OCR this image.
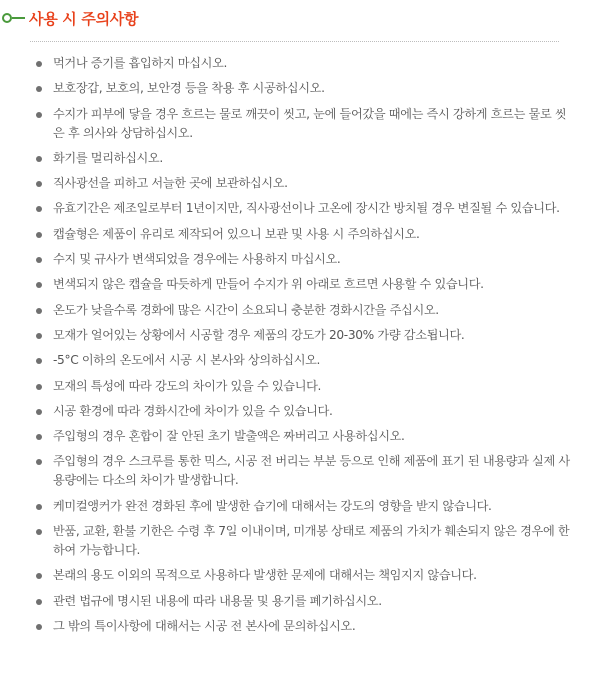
사용 시 주의사항
먹거나 증기를 흡입하지 마십시오.
보호장갑, 보호의, 보안경 등을 착용 후 시공하십시오.
수지가 피부에 닿을 경우 흐르는 물로 깨끗이 씻고, 눈에 들어갔을 때에는 즉시 강하게 흐르는 물로 씻은 후 의사와 상담하십시오.
화기를 멀리하십시오.
직사광선을 피하고 서늘한 곳에 보관하십시오.
유효기간은 제조일로부터 1년이지만, 직사광선이나 고온에 장시간 방치될 경우 변질될 수 있습니다.
캡슐형은 제품이 유리로 제작되어 있으니 보관 및 사용 시 주의하십시오.
수지 및 규사가 변색되었을 경우에는 사용하지 마십시오.
변색되지 않은 캡슐을 따듯하게 만들어 수지가 위 아래로 흐르면 사용할 수 있습니다.
온도가 낮을수록 경화에 많은 시간이 소요되니 충분한 경화시간을 주십시오.
모재가 얼어있는 상황에서 시공할 경우 제품의 강도가 20-30% 가량 감소됩니다.
-5°C 이하의 온도에서 시공 시 본사와 상의하십시오.
모재의 특성에 따라 강도의 차이가 있을 수 있습니다.
시공 환경에 따라 경화시간에 차이가 있을 수 있습니다.
주입형의 경우 혼합이 잘 안된 초기 발출액은 짜버리고 사용하십시오.
주입형의 경우 스크루를 통한 믹스, 시공 전 버리는 부분 등으로 인해 제품에 표기 된 내용량과 실제 사용량에는 다소의 차이가 발생합니다.
케미컬앵커가 완전 경화된 후에 발생한 습기에 대해서는 강도의 영향을 받지 않습니다.
반품, 교환, 환불 기한은 수령 후 7일 이내이며, 미개봉 상태로 제품의 가치가 훼손되지 않은 경우에 한하여 가능합니다.
본래의 용도 이외의 목적으로 사용하다 발생한 문제에 대해서는 책임지지 않습니다.
관련 법규에 명시된 내용에 따라 내용물 및 용기를 폐기하십시오.
그 밖의 특이사항에 대해서는 시공 전 본사에 문의하십시오.
